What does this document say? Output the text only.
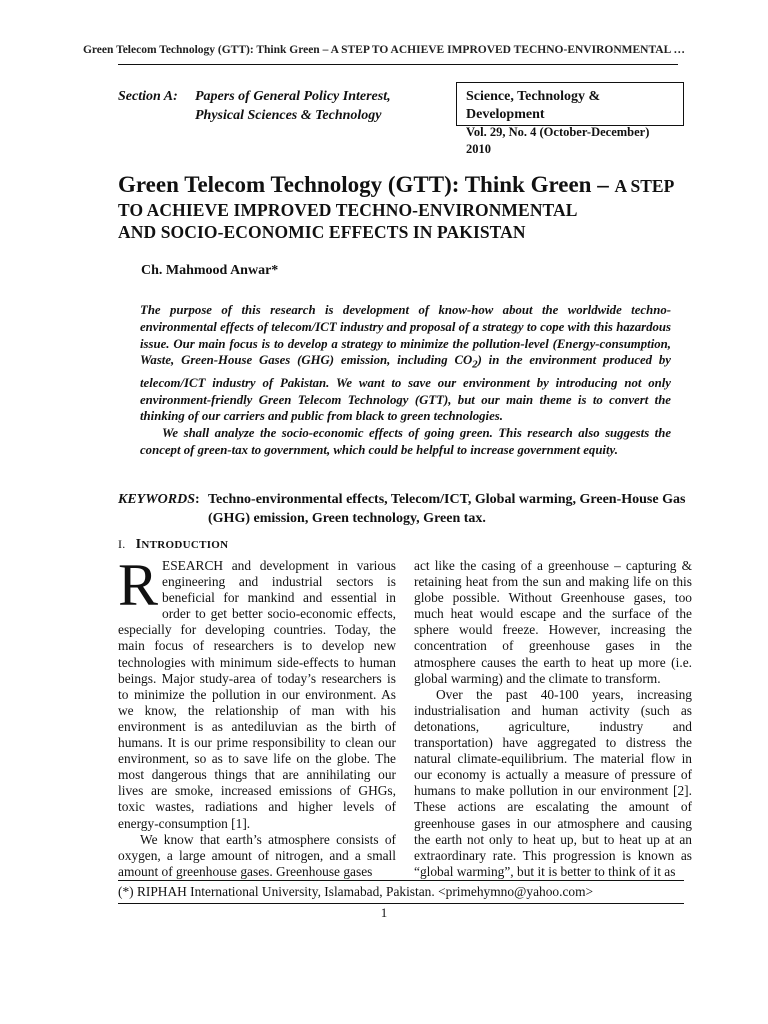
Green Telecom Technology (GTT): Think Green – A STEP TO ACHIEVE IMPROVED TECHNO-ENVIRONMENTAL …
Section A: Papers of General Policy Interest,
Physical Sciences & Technology
Science, Technology & Development
Vol. 29, No. 4 (October-December) 2010
Green Telecom Technology (GTT): Think Green – A STEP
TO ACHIEVE IMPROVED TECHNO-ENVIRONMENTAL
AND SOCIO-ECONOMIC EFFECTS IN PAKISTAN
Ch. Mahmood Anwar*

The purpose of this research is development of know-how about the worldwide techno-environmental effects of telecom/ICT industry and proposal of a strategy to cope with this hazardous issue. Our main focus is to develop a strategy to minimize the pollution-level (Energy-consumption, Waste, Green-House Gases (GHG) emission, including $CO_2$) in the environment produced by telecom/ICT industry of Pakistan. We want to save our environment by introducing not only environment-friendly Green Telecom Technology (GTT), but our main theme is to convert the thinking of our carriers and public from black to green technologies.

We shall analyze the socio-economic effects of going green. This research also suggests the concept of green-tax to government, which could be helpful to increase government equity.

KEYWORDS: Techno-environmental effects, Telecom/ICT, Global warming, Green-House Gas (GHG) emission, Green technology, Green tax.
I. INTRODUCTION

RESEARCH and development in various engineering and industrial sectors is beneficial for mankind and essential in order to get better socio-economic effects, especially for developing countries. Today, the main focus of researchers is to develop new technologies with minimum side-effects to human beings. Major study-area of today’s researchers is to minimize the pollution in our environment. As we know, the relationship of man with his environment is as antediluvian as the birth of humans. It is our prime responsibility to clean our environment, so as to save life on the globe. The most dangerous things that are annihilating our lives are smoke, increased emissions of GHGs, toxic wastes, radiations and higher levels of energy-consumption [1].

We know that earth’s atmosphere consists of oxygen, a large amount of nitrogen, and a small amount of greenhouse gases. Greenhouse gases

act like the casing of a greenhouse – capturing & retaining heat from the sun and making life on this globe possible. Without Greenhouse gases, too much heat would escape and the surface of the sphere would freeze. However, increasing the concentration of greenhouse gases in the atmosphere causes the earth to heat up more (i.e. global warming) and the climate to transform.

Over the past 40-100 years, increasing industrialisation and human activity (such as detonations, agriculture, industry and transportation) have aggregated to distress the natural climate-equilibrium. The material flow in our economy is actually a measure of pressure of humans to make pollution in our environment [2]. These actions are escalating the amount of greenhouse gases in our atmosphere and causing the earth not only to heat up, but to heat up at an extraordinary rate. This progression is known as “global warming”, but it is better to think of it as

(*) RIPHAH International University, Islamabad, Pakistan. <primehymno@yahoo.com>
1
